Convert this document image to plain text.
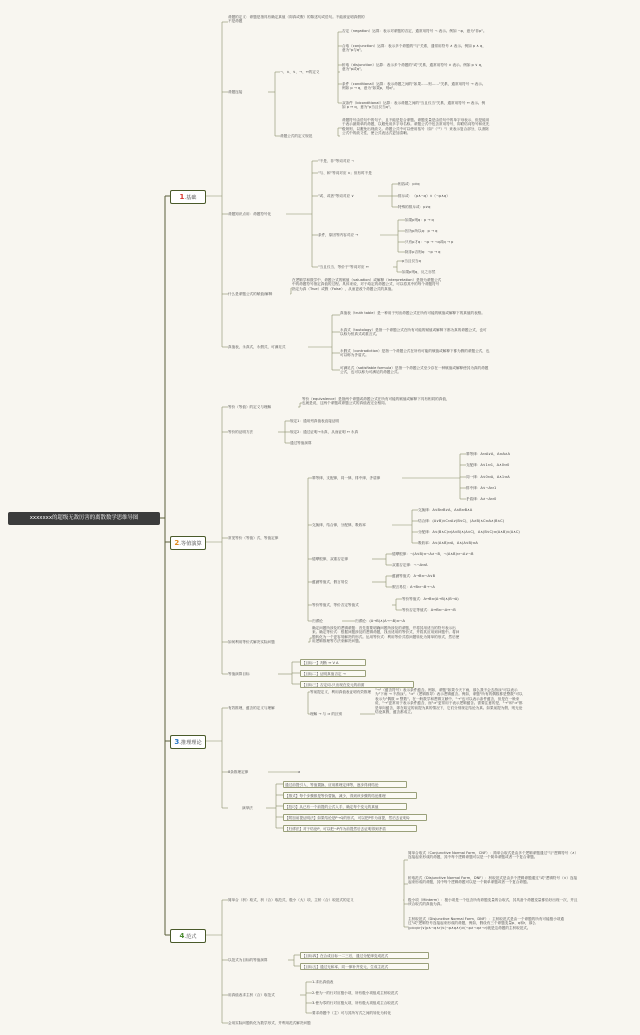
xxxxxxx的超级无敌厉害的离散数学思维导图
1.基础
2.等值演算
3.推理理论
4.范式
命题的定义：命题是指具有确定真值（即真或假）的陈述句或语句。不能被证明真假的不是命题
命题连接
¬、∧、∨、→、↔的定义
否定（negation）运算：表示对命题的否定，通常用符号 ¬ 表示。例如 ¬p，意为"非p"。
合取（conjunction）运算：表示多个命题的"与"关系，通常用符号 ∧ 表示。例如 p ∧ q，意为"p与q"。
析取（disjunction）运算：表示多个命题的"或"关系，通常用符号 ∨ 表示。例如 p ∨ q，意为"p或q"。
条件（conditional）运算：表示命题之间的"如果……则……"关系，通常用符号 → 表示。例如 p → q，意为"如果p，则q"。
双条件（biconditional）运算：表示命题之间的"当且仅当"关系，通常用符号 ↔ 表示。例如 p ↔ q，意为"p当且仅当q"。
命题公式的定义规范
命题符号由语句中的句子，且不能是复合命题。命题变量是由语句中的单字母表示，但是能用于表示最简单的命题，以避免用多字母名称。命题公式中包含常用符号，即联结词符号和优先级规则，以避免出现歧义。命题公式中可以使用括号（如"（""）"）来表示复合部分，以消除公式中的歧义性，使公式表达式更加清晰。
命题知识点用：命题符号化
"不是、非"等词对应 ¬
"与、和"等词对应 ∧；但有时不是
"或、或者"等词对应 ∨
相容或：p∨q
排斥或：（p∧¬q）∨（¬p∧q）
特殊的排斥或：p∨q
条件，原因等内容对应 →
如果p则q：p → q
因为p所以q：p → q
只有p才q：¬p → ¬q或q → p
除非p否则q：¬p → q
"当且仅当、等价于"等词对应 ↔
p当且仅当q
如果p则q，反之亦然
什么是命题公式的赋值/解释
在逻辑学和数学中，命题公式的赋值（valuation）或解释（interpretation）是指为命题公式中的命题符号指定真值的过程。具体来说，对于给定的命题公式，可以将其中的每个命题符号指定为真（True）或假（False），从而更改个命题公式的真值。
真值表，永真式，永假式，可满足式
真值表（truth table）是一种用于列出命题公式在所有可能的赋值或解释下的真值的表格。
永真式（tautology）是指一个命题公式在所有可能的赋值或解释下都为真的命题公式，也可以称为恒真式或重言式。
永假式（contradiction）是指一个命题公式在所有可能的赋值或解释下都为假的命题公式，也可以称为矛盾式。
可满足式（satisfiable formula）是指一个命题公式至少存在一种赋值或解释使其为真的命题公式，也可以称为可满足的命题公式。
等价（等值）的定义与理解
等价（equivalence）是指两个命题或命题公式在所有可能的赋值或解释下具有相同的真值，也就是说，这两个命题或命题公式的真值表完全相同。
等价的证明方法
规定1：通用列真值表直接证明
规定2：通过证明→永真，从而证明 ↔ 永真
通过等值演算
常见等价（等值）式，等值定律
幂等律，支配律，同一律，排中律，矛盾律
幂等律：A⇔A∨A，A⇔A∧A
支配律：A∨1⇔1，A∧0⇔0
同一律：A∨0⇔A，A∧1⇔A
排中律：A∨¬A⇔1
矛盾律：A∧¬A⇔0
交换律，结合律，分配律，吸收率
交换律：A∨B⇔B∨A，A∧B⇔B∧A
结合律：(A∨B)∨C⇔A∨(B∨C)，(A∧B)∧C⇔A∧(B∧C)
分配律：A∨(B∧C)⇔(A∨B)∧(A∨C)，A∧(B∨C)⇔(A∧B)∨(A∧C)
吸收率：A∨(A∧B)⇔A，A∧(A∨B)⇔A
德摩根律，双重否定律
德摩根律：¬(A∨B)⇔¬A∧¬B，¬(A∧B)⇔¬A∨¬B
双重否定律：¬¬A⇔A
蕴涵等值式，假言易位
蕴涵等值式：A→B⇔¬A∨B
假言易位：A→B⇔¬B→¬A
等价等值式，等价否定等值式
等价等值式：A↔B⇔(A→B)∧(B→A)
等价否定等值式：A↔B⇔¬A↔¬B
归谬论	归谬论：(A→B)∧(A→¬B)⇔¬A
如何利用等价式解决实际问题
确定问题所涉及的逻辑命题：首先需要明确问题所涉及的命题，并将其用适当的符号表示出来。确定等价式：根据问题涉及的逻辑命题，找出适用的等价式，并将其应用到问题中。将问题转化为一个更容易解决的形式。运用等价式：利用等价式将问题转化为简单的形式，然后使用逻辑推理等方法来解决问题。
等值演算目标
【目标一】判断 ↔ V A
【目标二】证明真值否定 →
【目标三】否定词-只出现在变元的前面
有效推理，蕴含的定义与理解
等前提定义，利用真值表证明有效推理
理解 → 与 ⇒ 的区别
"→"（蕴含符号）表示条件蕴含。例如，命题"如果今天下雨，那么我不会去游泳"可以表示为"下雨 → 不游泳"。"⇒"（逻辑推导）表示逻辑蕴含。例如，命题"所有的偶数都是整数"可以表示为"偶数 ⇒ 整数"。在一般数学和逻辑文献中，"→"也可以表示条件蕴含，但是在一般来说，"→"更常用于表示条件蕴含，而"⇒"更常用于表示逻辑蕴含。需要注意的是，"→"和"⇒"都是单向蕴含，即在给定的前提为真的情况下，它们分别规定结论为真。如果前提为假，则无论结论真假，蕴含都成立。
8条推理定律	a
演绎法
通过前提引入、等值置换、应用推理定律等，逐步得到结论
【推式】每个步骤都是等价替换，减少，得到该步骤的结论推理
【技巧】从已有一个前提的公式入手，确定每个变元的真值
【附加前提证明法】如果结论是P→Q的形式，可以把P作为前提，然后去证明Q
【归谬法】对于结论P，可以把¬P作为前提然后去证明得到矛盾
简单合（析）取式，析（合）取范式，极小（大）项，主析（合）取范式的定义
简单合取式（Conjunctive Normal Form，CNF）：简单合取式是由多个逻辑命题通过"与"逻辑符号（∧）连接起来形成的命题，其中每个逻辑命题可以是一个简单命题或者一个复合命题。
析取范式（Disjunctive Normal Form，DNF）：析取范式是由多个逻辑命题通过"或"逻辑符号（∨）连接起来形成的命题，其中每个逻辑命题可以是一个简单命题或者一个复合命题。
极小项（Minterm）：极小项是一个包含所有命题变量的合取式，其具备个命题变量都恰好出现一次，并且该合取式的真值为真。
主析取范式（Disjunctive Normal Form，DNF）：主析取范式是由一个命题的所有可能极小项通过"或"逻辑符号连接起来形成的命题，例如，假设有三个命题变量p、q和r，那么(p∧q∧r)∨(p∧¬q∧r)∨(¬p∧q∧r)∨(¬p∧¬q∧¬r)就是这命题的主析取范式。
以范式为目标的等值演算
【目标四】在合成目标一二三后，通过分配律变成范式
【目标五】通过无和率、同一律补齐变元，生成主范式
用真值表求主析（合）取范式
1.求出真值表
2.使为一的行对应极小项，所有极小项组成主析取范式
3.使为零的行对应极大项，所有极大项组成主合取范式
要求命题中（主）可与其所写式之间的转化为转化
会用实际问题转化为数学形式，并利用范式解决问题
